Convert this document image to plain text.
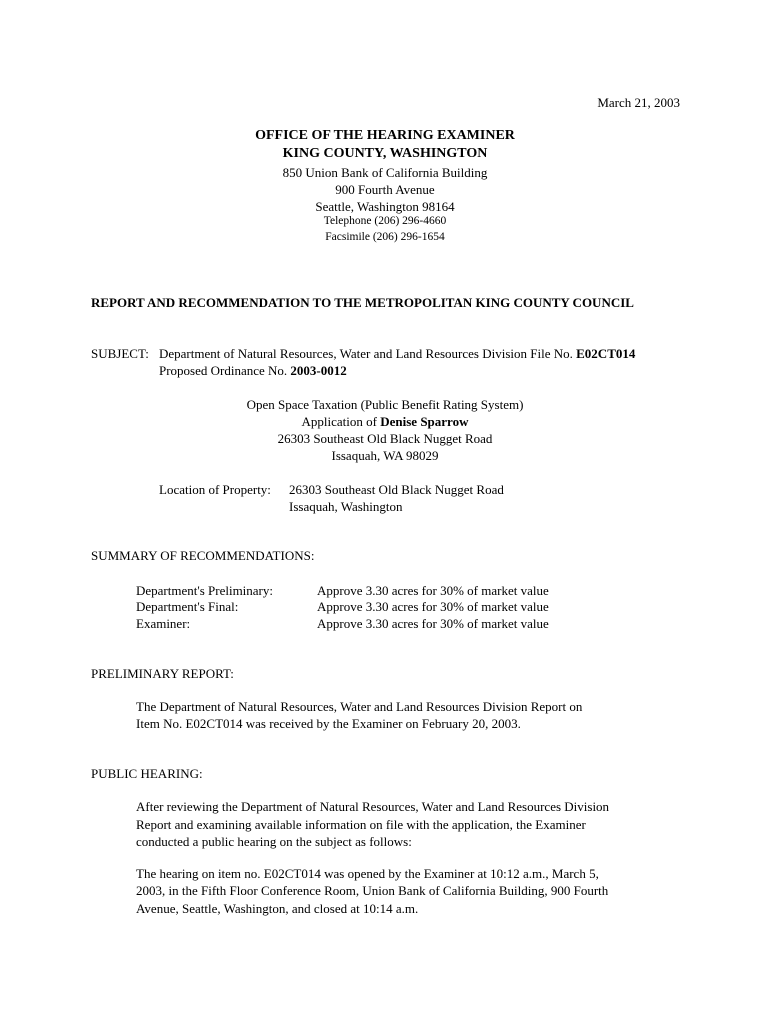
March 21, 2003
OFFICE OF THE HEARING EXAMINER
KING COUNTY, WASHINGTON
850 Union Bank of California Building
900 Fourth Avenue
Seattle, Washington 98164
Telephone (206) 296-4660
Facsimile (206) 296-1654
REPORT AND RECOMMENDATION TO THE METROPOLITAN KING COUNTY COUNCIL
SUBJECT: Department of Natural Resources, Water and Land Resources Division File No. E02CT014
Proposed Ordinance No. 2003-0012
Open Space Taxation (Public Benefit Rating System)
Application of Denise Sparrow
26303 Southeast Old Black Nugget Road
Issaquah, WA 98029
Location of Property: 26303 Southeast Old Black Nugget Road
Issaquah, Washington
SUMMARY OF RECOMMENDATIONS:
Department's Preliminary:	Approve 3.30 acres for 30% of market value
Department's Final:	Approve 3.30 acres for 30% of market value
Examiner:	Approve 3.30 acres for 30% of market value
PRELIMINARY REPORT:
The Department of Natural Resources, Water and Land Resources Division Report on
Item No. E02CT014 was received by the Examiner on February 20, 2003.
PUBLIC HEARING:
After reviewing the Department of Natural Resources, Water and Land Resources Division
Report and examining available information on file with the application, the Examiner
conducted a public hearing on the subject as follows:
The hearing on item no. E02CT014 was opened by the Examiner at 10:12 a.m., March 5,
2003, in the Fifth Floor Conference Room, Union Bank of California Building, 900 Fourth
Avenue, Seattle, Washington, and closed at 10:14 a.m.
